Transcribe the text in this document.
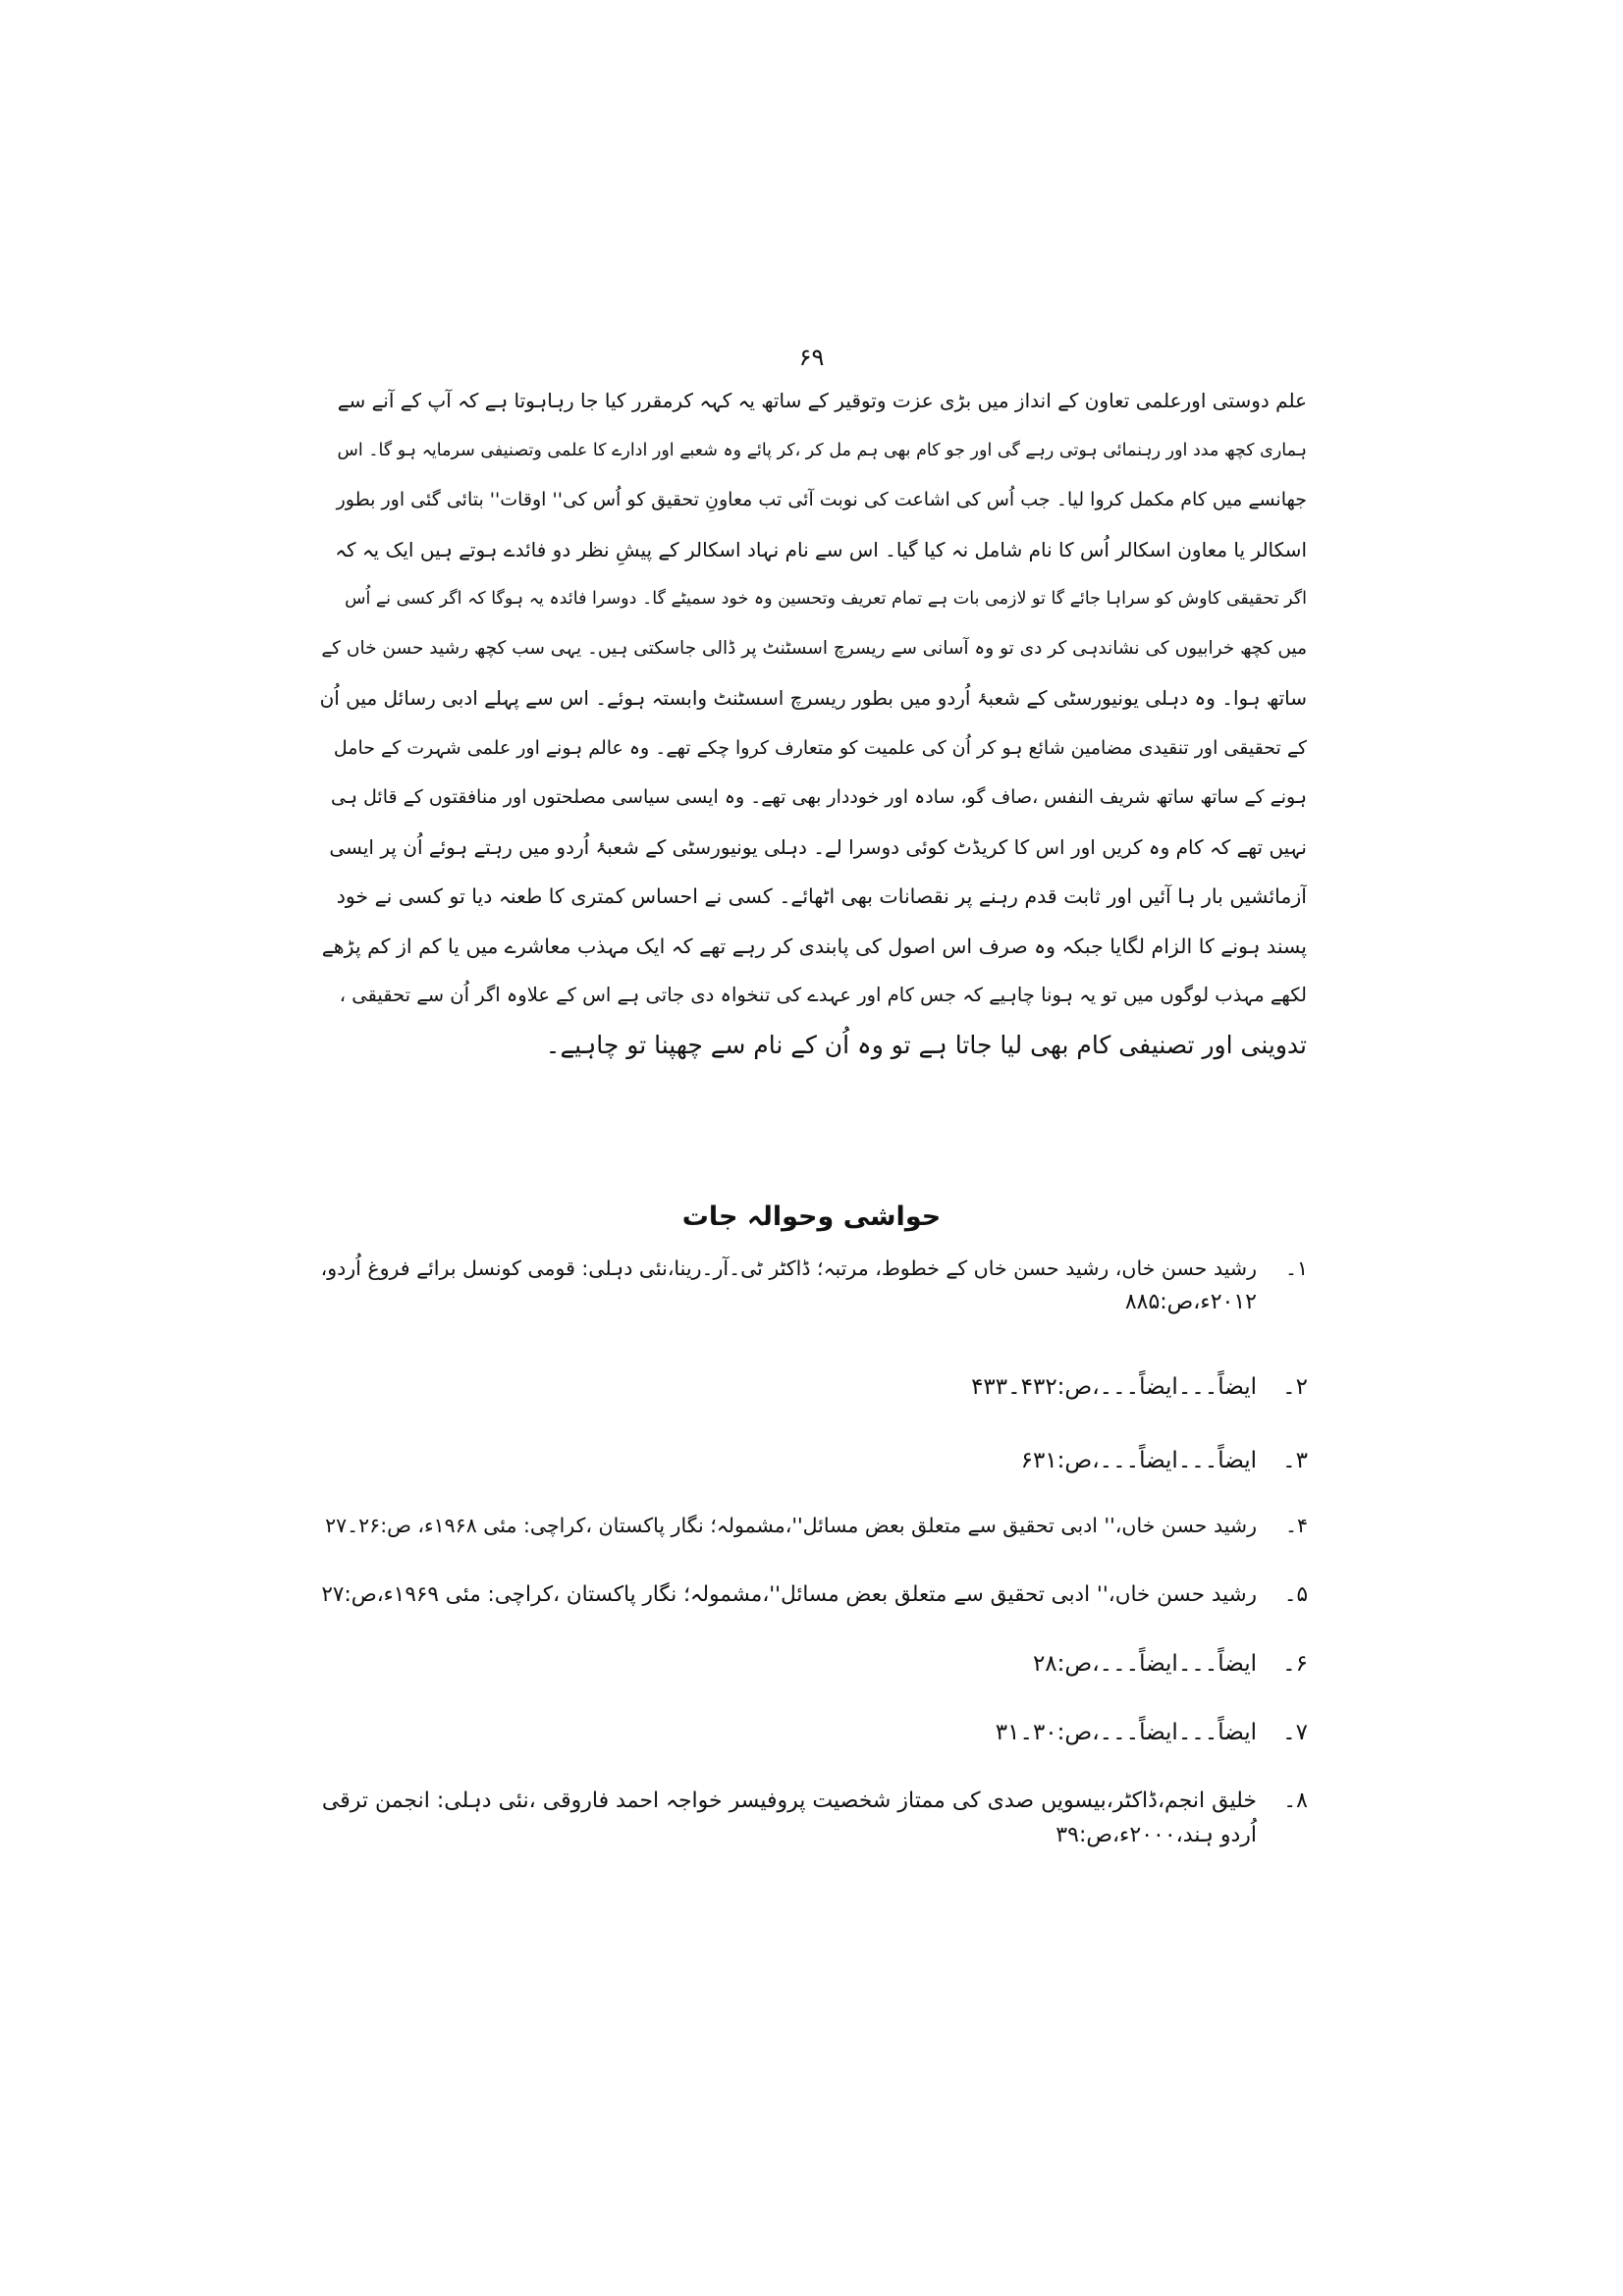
۶۹
علم دوستی اورعلمی تعاون کے انداز میں بڑی عزت وتوقیر کے ساتھ یہ کہہ کرمقرر کیا جا رہاہوتا ہے کہ آپ کے آنے سے
ہماری کچھ مدد اور رہنمائی ہوتی رہے گی اور جو کام بھی ہم مل کر ،کر پائے وہ شعبے اور ادارے کا علمی وتصنیفی سرمایہ ہو گا۔ اس
جھانسے میں کام مکمل کروا لیا۔ جب اُس کی اشاعت کی نوبت آئی تب معاونِ تحقیق کو اُس کی'' اوقات'' بتائی گئی اور بطور
اسکالر یا معاون اسکالر اُس کا نام شامل نہ کیا گیا۔ اس سے نام نہاد اسکالر کے پیشِ نظر دو فائدے ہوتے ہیں ایک یہ کہ
اگر تحقیقی کاوش کو سراہا جائے گا تو لازمی بات ہے تمام تعریف وتحسین وہ خود سمیٹے گا۔ دوسرا فائدہ یہ ہوگا کہ اگر کسی نے اُس
میں کچھ خرابیوں کی نشاندہی کر دی تو وہ آسانی سے ریسرچ اسسٹنٹ پر ڈالی جاسکتی ہیں۔ یہی سب کچھ رشید حسن خاں کے
ساتھ ہوا۔ وہ دہلی یونیورسٹی کے شعبۂ اُردو میں بطور ریسرچ اسسٹنٹ وابستہ ہوئے۔ اس سے پہلے ادبی رسائل میں اُن
کے تحقیقی اور تنقیدی مضامین شائع ہو کر اُن کی علمیت کو متعارف کروا چکے تھے۔ وہ عالم ہونے اور علمی شہرت کے حامل
ہونے کے ساتھ ساتھ شریف النفس ،صاف گو، سادہ اور خوددار بھی تھے۔ وہ ایسی سیاسی مصلحتوں اور منافقتوں کے قائل ہی
نہیں تھے کہ کام وہ کریں اور اس کا کریڈٹ کوئی دوسرا لے۔ دہلی یونیورسٹی کے شعبۂ اُردو میں رہتے ہوئے اُن پر ایسی
آزمائشیں بار ہا آئیں اور ثابت قدم رہنے پر نقصانات بھی اٹھائے۔ کسی نے احساس کمتری کا طعنہ دیا تو کسی نے خود
پسند ہونے کا الزام لگایا جبکہ وہ صرف اس اصول کی پابندی کر رہے تھے کہ ایک مہذب معاشرے میں یا کم از کم پڑھے
لکھے مہذب لوگوں میں تو یہ ہونا چاہیے کہ جس کام اور عہدے کی تنخواہ دی جاتی ہے اس کے علاوہ اگر اُن سے تحقیقی ،
تدوینی اور تصنیفی کام بھی لیا جاتا ہے تو وہ اُن کے نام سے چھپنا تو چاہیے۔
حواشی وحوالہ جات
۱۔رشید حسن خاں، رشید حسن خاں کے خطوط، مرتبہ؛ ڈاکٹر ٹی۔آر۔رینا،نئی دہلی: قومی کونسل برائے فروغ اُردو،
۲۰۱۲ء،ص:۸۸۵
۲۔ایضاً۔۔۔ایضاً۔۔۔،ص:۴۳۲۔۴۳۳
۳۔ایضاً۔۔۔ایضاً۔۔۔،ص:۶۳۱
۴۔رشید حسن خاں،'' ادبی تحقیق سے متعلق بعض مسائل''،مشمولہ؛ نگار پاکستان ،کراچی: مئی ۱۹۶۸ء، ص:۲۶۔۲۷
۵۔رشید حسن خاں،'' ادبی تحقیق سے متعلق بعض مسائل''،مشمولہ؛ نگار پاکستان ،کراچی: مئی ۱۹۶۹ء،ص:۲۷
۶۔ایضاً۔۔۔ایضاً۔۔۔،ص:۲۸
۷۔ایضاً۔۔۔ایضاً۔۔۔،ص:۳۰۔۳۱
۸۔خلیق انجم،ڈاکٹر،بیسویں صدی کی ممتاز شخصیت پروفیسر خواجہ احمد فاروقی ،نئی دہلی: انجمن ترقی
اُردو ہند،۲۰۰۰ء،ص:۳۹
